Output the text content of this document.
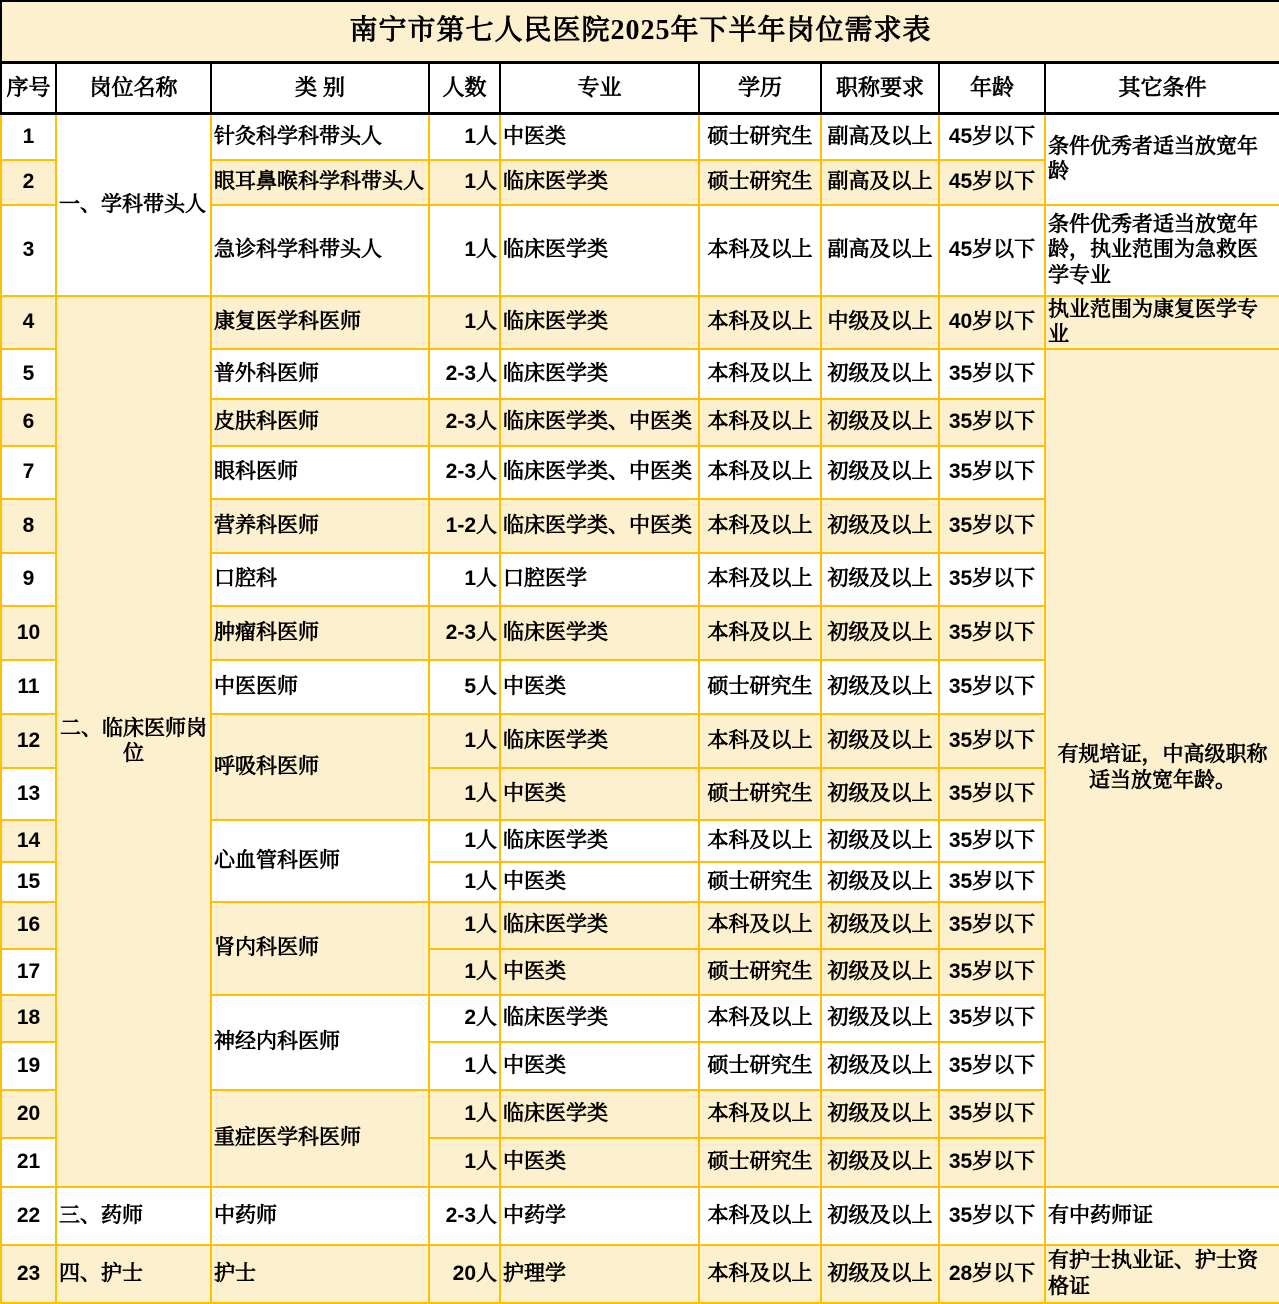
南宁市第七人民医院2025年下半年岗位需求表								
序号	岗位名称	类 别	人数	专业	学历	职称要求	年龄	其它条件
1	一、学科带头人	针灸科学科带头人	1人	中医类	硕士研究生	副高及以上	45岁以下	条件优秀者适当放宽年龄
2		眼耳鼻喉科学科带头人	1人	临床医学类	硕士研究生	副高及以上	45岁以下	
3		急诊科学科带头人	1人	临床医学类	本科及以上	副高及以上	45岁以下	条件优秀者适当放宽年龄，执业范围为急救医学专业
4	二、临床医师岗位	康复医学科医师	1人	临床医学类	本科及以上	中级及以上	40岁以下	执业范围为康复医学专业
5		普外科医师	2-3人	临床医学类	本科及以上	初级及以上	35岁以下	有规培证，中高级职称适当放宽年龄。
6		皮肤科医师	2-3人	临床医学类、中医类	本科及以上	初级及以上	35岁以下	
7		眼科医师	2-3人	临床医学类、中医类	本科及以上	初级及以上	35岁以下	
8		营养科医师	1-2人	临床医学类、中医类	本科及以上	初级及以上	35岁以下	
9		口腔科	1人	口腔医学	本科及以上	初级及以上	35岁以下	
10		肿瘤科医师	2-3人	临床医学类	本科及以上	初级及以上	35岁以下	
11		中医医师	5人	中医类	硕士研究生	初级及以上	35岁以下	
12		呼吸科医师	1人	临床医学类	本科及以上	初级及以上	35岁以下	
13			1人	中医类	硕士研究生	初级及以上	35岁以下	
14		心血管科医师	1人	临床医学类	本科及以上	初级及以上	35岁以下	
15			1人	中医类	硕士研究生	初级及以上	35岁以下	
16		肾内科医师	1人	临床医学类	本科及以上	初级及以上	35岁以下	
17			1人	中医类	硕士研究生	初级及以上	35岁以下	
18		神经内科医师	2人	临床医学类	本科及以上	初级及以上	35岁以下	
19			1人	中医类	硕士研究生	初级及以上	35岁以下	
20		重症医学科医师	1人	临床医学类	本科及以上	初级及以上	35岁以下	
21			1人	中医类	硕士研究生	初级及以上	35岁以下	
22	三、药师	中药师	2-3人	中药学	本科及以上	初级及以上	35岁以下	有中药师证
23	四、护士	护士	20人	护理学	本科及以上	初级及以上	28岁以下	有护士执业证、护士资格证
